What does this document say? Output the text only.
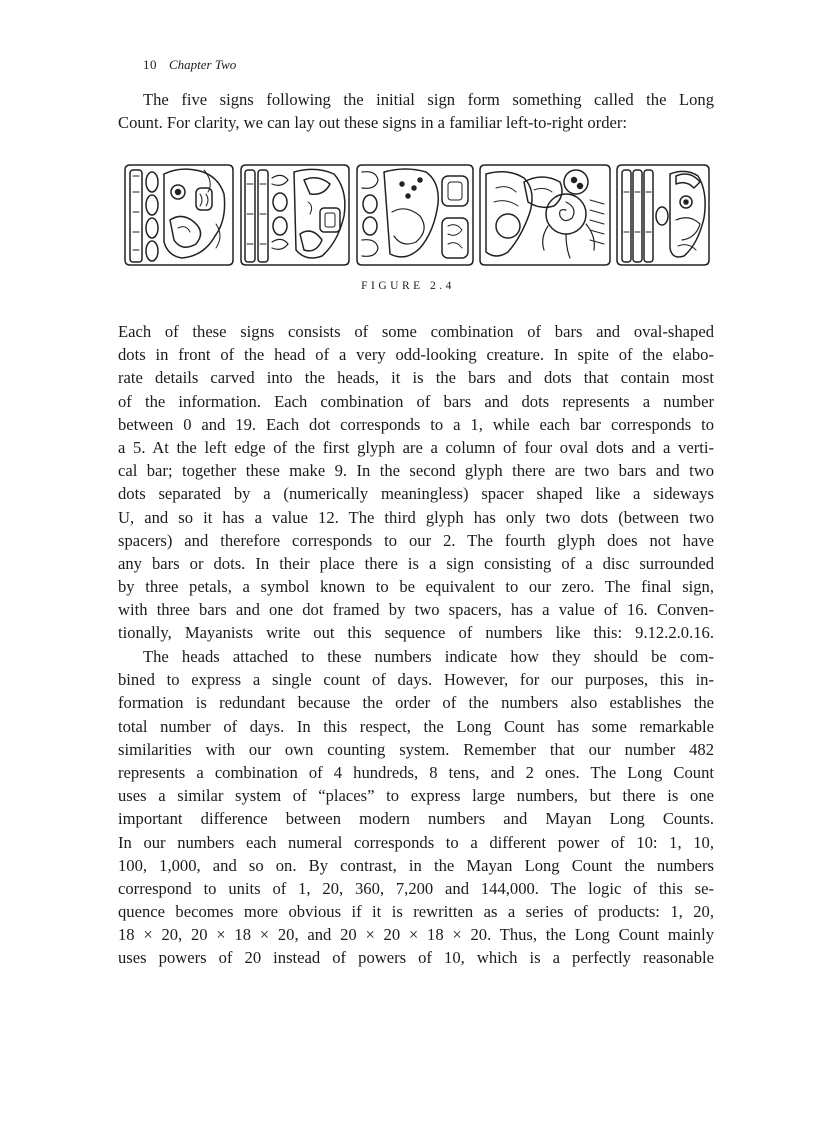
10 Chapter Two
The five signs following the initial sign form something called the Long
Count. For clarity, we can lay out these signs in a familiar left-to-right order:
FIGURE 2.4
Each of these signs consists of some combination of bars and oval-shaped
dots in front of the head of a very odd-looking creature. In spite of the elabo-
rate details carved into the heads, it is the bars and dots that contain most
of the information. Each combination of bars and dots represents a number
between 0 and 19. Each dot corresponds to a 1, while each bar corresponds to
a 5. At the left edge of the first glyph are a column of four oval dots and a verti-
cal bar; together these make 9. In the second glyph there are two bars and two
dots separated by a (numerically meaningless) spacer shaped like a sideways
U, and so it has a value 12. The third glyph has only two dots (between two
spacers) and therefore corresponds to our 2. The fourth glyph does not have
any bars or dots. In their place there is a sign consisting of a disc surrounded
by three petals, a symbol known to be equivalent to our zero. The final sign,
with three bars and one dot framed by two spacers, has a value of 16. Conven-
tionally, Mayanists write out this sequence of numbers like this: 9.12.2.0.16.
The heads attached to these numbers indicate how they should be com-
bined to express a single count of days. However, for our purposes, this in-
formation is redundant because the order of the numbers also establishes the
total number of days. In this respect, the Long Count has some remarkable
similarities with our own counting system. Remember that our number 482
represents a combination of 4 hundreds, 8 tens, and 2 ones. The Long Count
uses a similar system of “places” to express large numbers, but there is one
important difference between modern numbers and Mayan Long Counts.
In our numbers each numeral corresponds to a different power of 10: 1, 10,
100, 1,000, and so on. By contrast, in the Mayan Long Count the numbers
correspond to units of 1, 20, 360, 7,200 and 144,000. The logic of this se-
quence becomes more obvious if it is rewritten as a series of products: 1, 20,
18 × 20, 20 × 18 × 20, and 20 × 20 × 18 × 20. Thus, the Long Count mainly
uses powers of 20 instead of powers of 10, which is a perfectly reasonable
